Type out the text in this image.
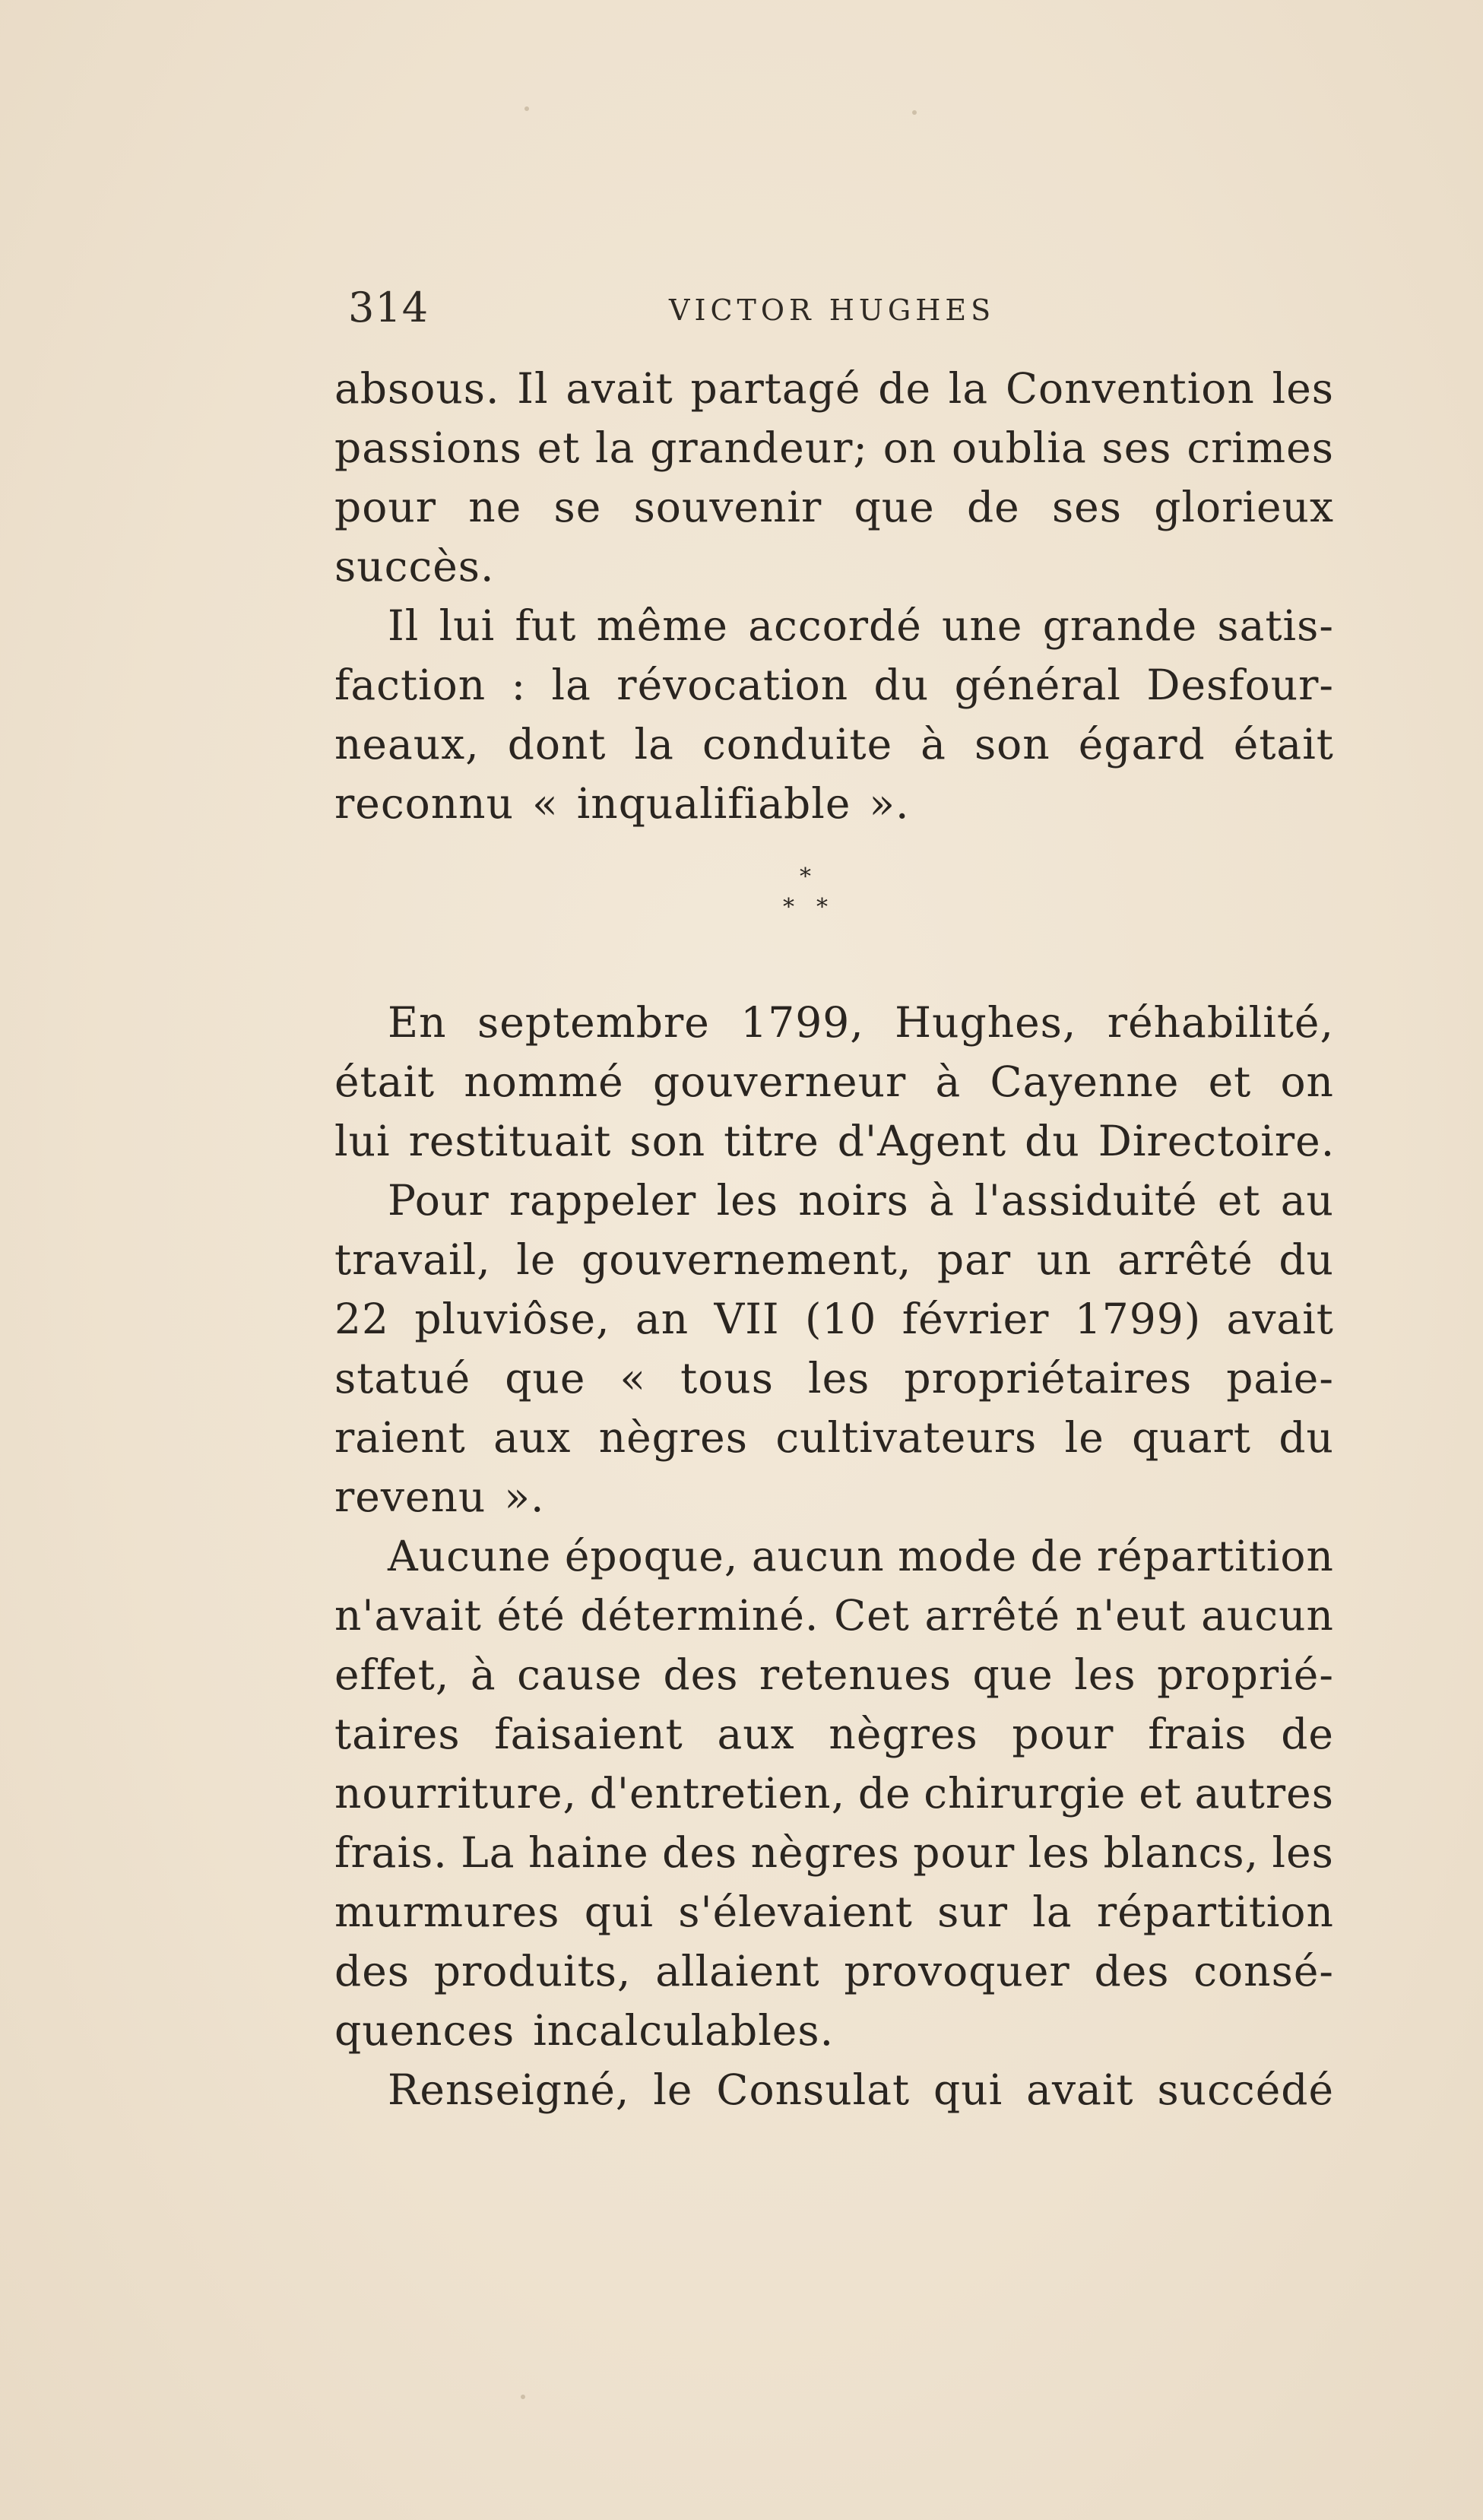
314	VICTOR HUGHES
absous. Il avait partagé de la Convention les
passions et la grandeur; on oublia ses crimes
pour ne se souvenir que de ses glorieux
succès.
Il lui fut même accordé une grande satis-
faction : la révocation du général Desfour-
neaux, dont la conduite à son égard était
reconnu « inqualifiable ».
*
* *
En septembre 1799, Hughes, réhabilité,
était nommé gouverneur à Cayenne et on
lui restituait son titre d'Agent du Directoire.
Pour rappeler les noirs à l'assiduité et au
travail, le gouvernement, par un arrêté du
22 pluviôse, an VII (10 février 1799) avait
statué que « tous les propriétaires paie-
raient aux nègres cultivateurs le quart du
revenu ».
Aucune époque, aucun mode de répartition
n'avait été déterminé. Cet arrêté n'eut aucun
effet, à cause des retenues que les proprié-
taires faisaient aux nègres pour frais de
nourriture, d'entretien, de chirurgie et autres
frais. La haine des nègres pour les blancs, les
murmures qui s'élevaient sur la répartition
des produits, allaient provoquer des consé-
quences incalculables.
Renseigné, le Consulat qui avait succédé
